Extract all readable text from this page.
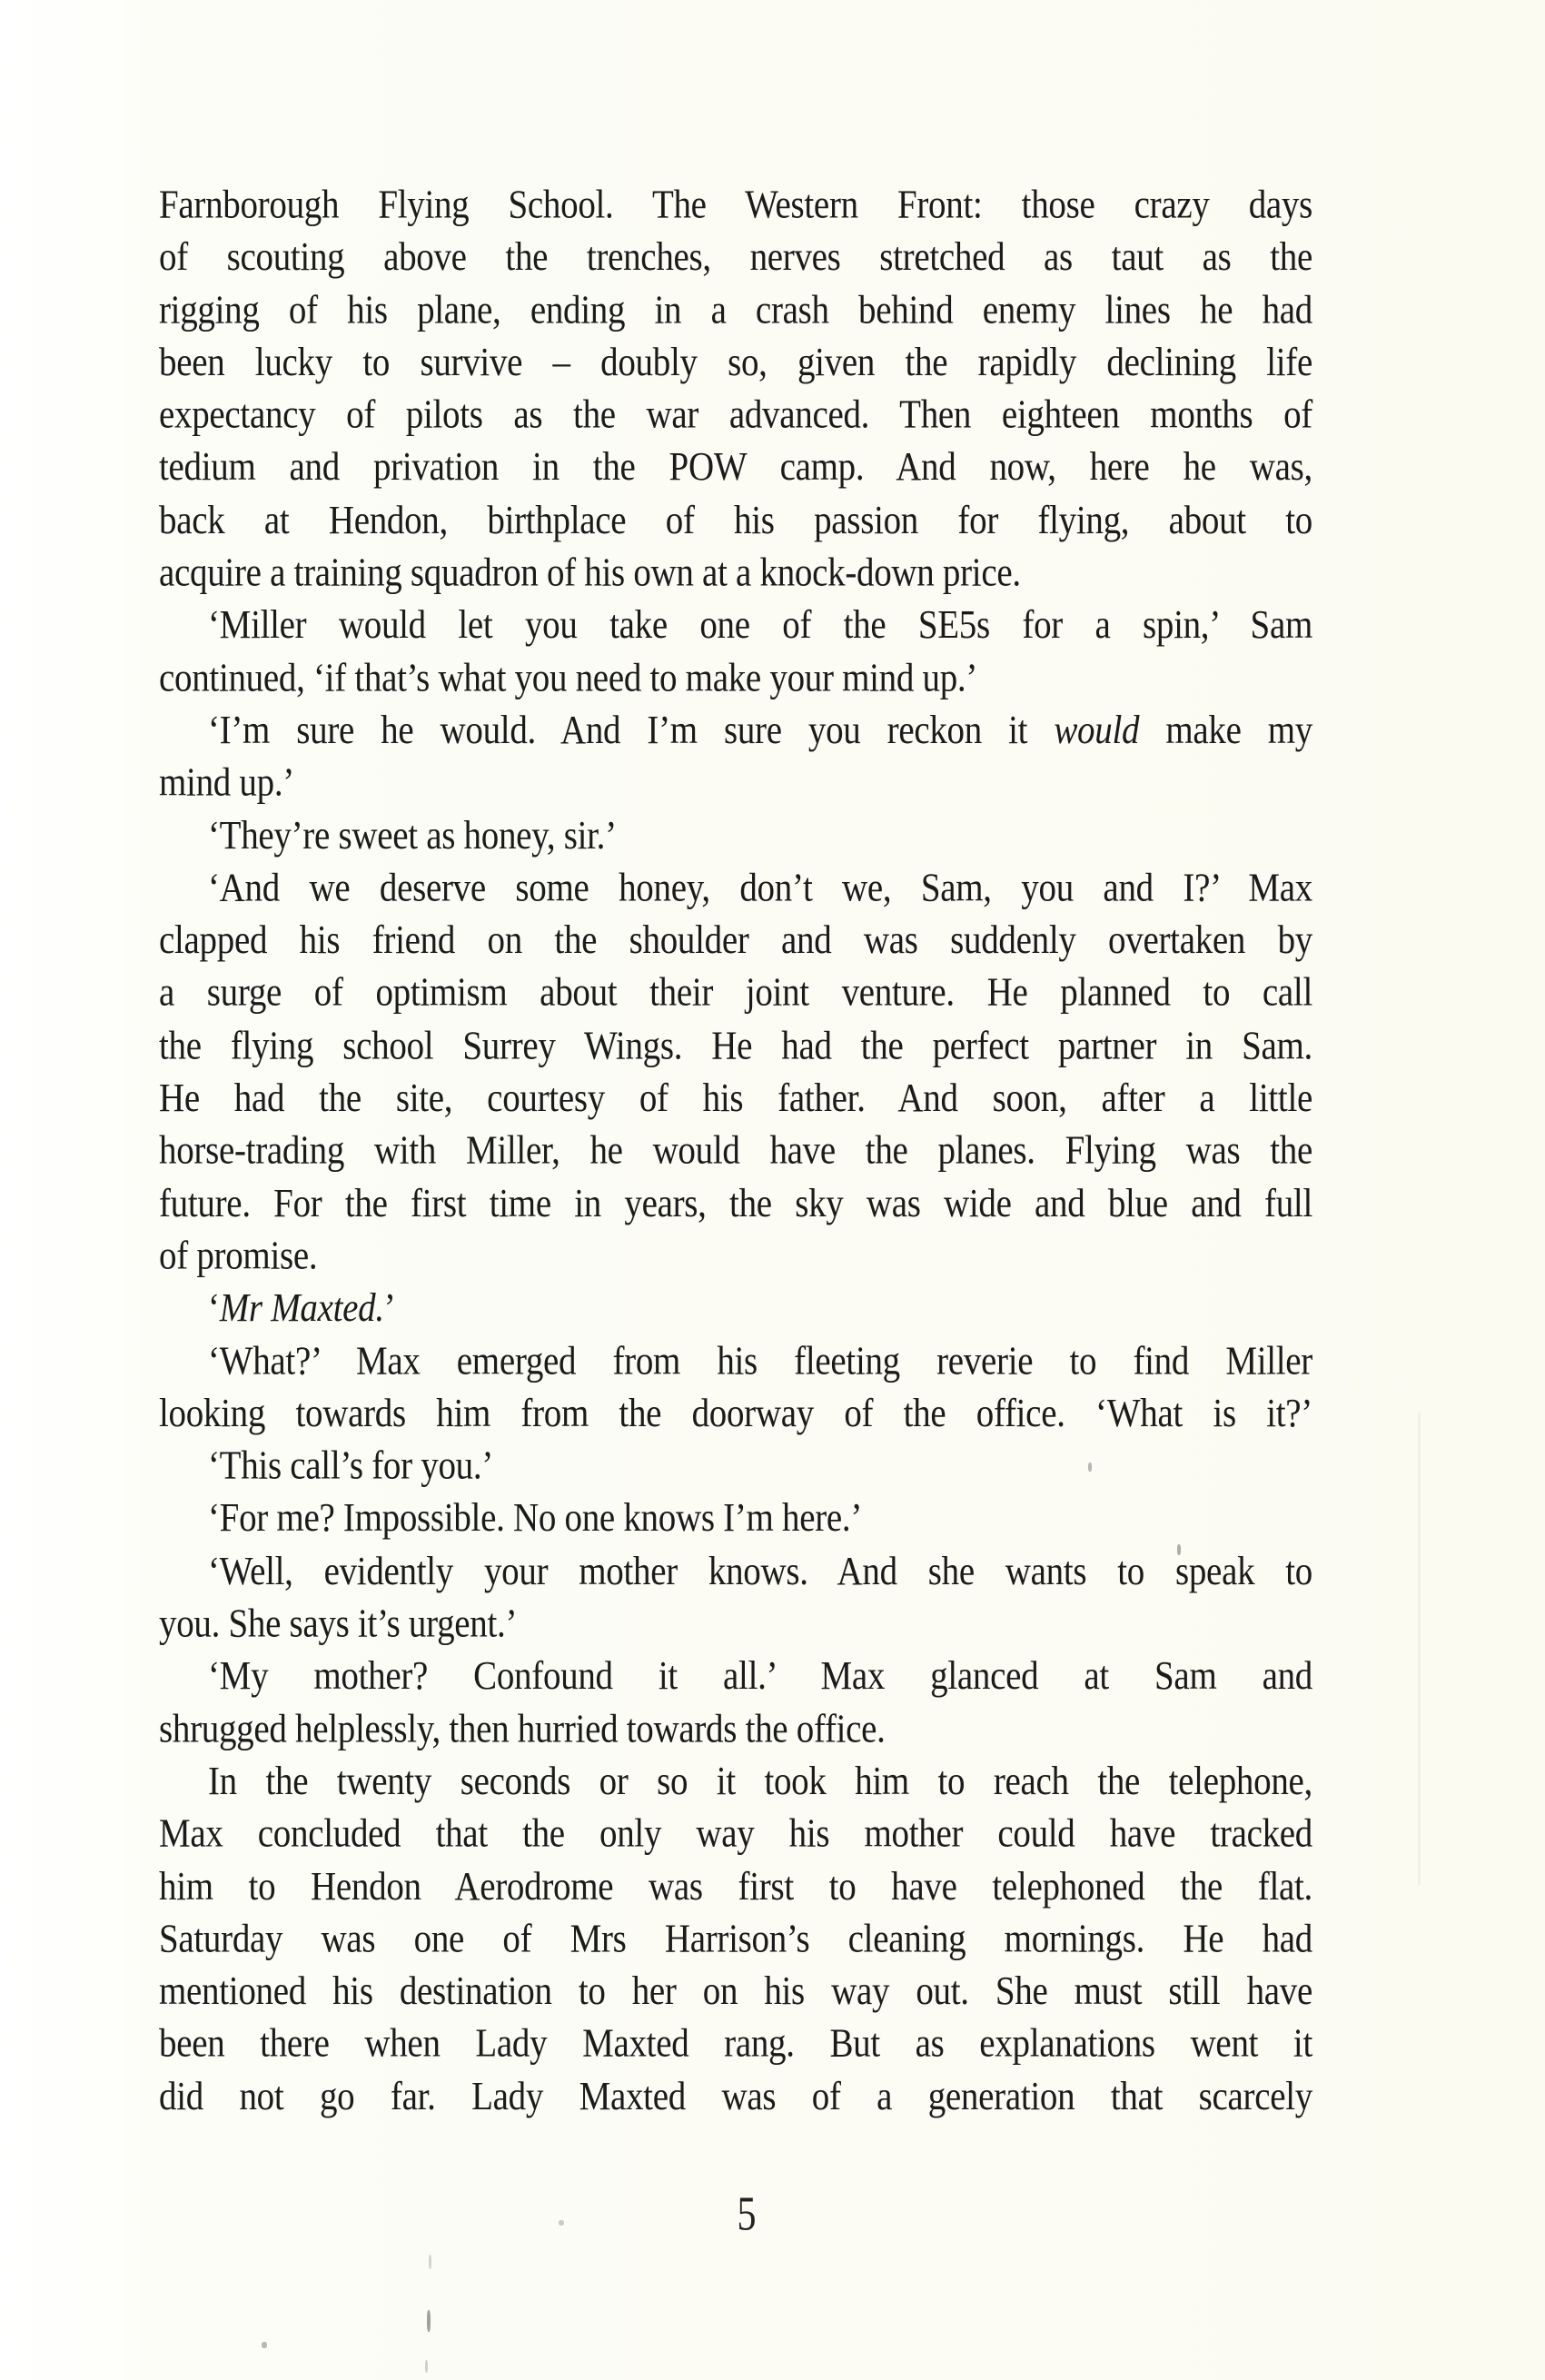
Farnborough Flying School. The Western Front: those crazy days
of scouting above the trenches, nerves stretched as taut as the
rigging of his plane, ending in a crash behind enemy lines he had
been lucky to survive – doubly so, given the rapidly declining life
expectancy of pilots as the war advanced. Then eighteen months of
tedium and privation in the POW camp. And now, here he was,
back at Hendon, birthplace of his passion for flying, about to
acquire a training squadron of his own at a knock-down price.
‘Miller would let you take one of the SE5s for a spin,’ Sam
continued, ‘if that’s what you need to make your mind up.’
‘I’m sure he would. And I’m sure you reckon it would make my
mind up.’
‘They’re sweet as honey, sir.’
‘And we deserve some honey, don’t we, Sam, you and I?’ Max
clapped his friend on the shoulder and was suddenly overtaken by
a surge of optimism about their joint venture. He planned to call
the flying school Surrey Wings. He had the perfect partner in Sam.
He had the site, courtesy of his father. And soon, after a little
horse-trading with Miller, he would have the planes. Flying was the
future. For the first time in years, the sky was wide and blue and full
of promise.
‘Mr Maxted.’
‘What?’ Max emerged from his fleeting reverie to find Miller
looking towards him from the doorway of the office. ‘What is it?’
‘This call’s for you.’
‘For me? Impossible. No one knows I’m here.’
‘Well, evidently your mother knows. And she wants to speak to
you. She says it’s urgent.’
‘My mother? Confound it all.’ Max glanced at Sam and
shrugged helplessly, then hurried towards the office.
In the twenty seconds or so it took him to reach the telephone,
Max concluded that the only way his mother could have tracked
him to Hendon Aerodrome was first to have telephoned the flat.
Saturday was one of Mrs Harrison’s cleaning mornings. He had
mentioned his destination to her on his way out. She must still have
been there when Lady Maxted rang. But as explanations went it
did not go far. Lady Maxted was of a generation that scarcely
5
